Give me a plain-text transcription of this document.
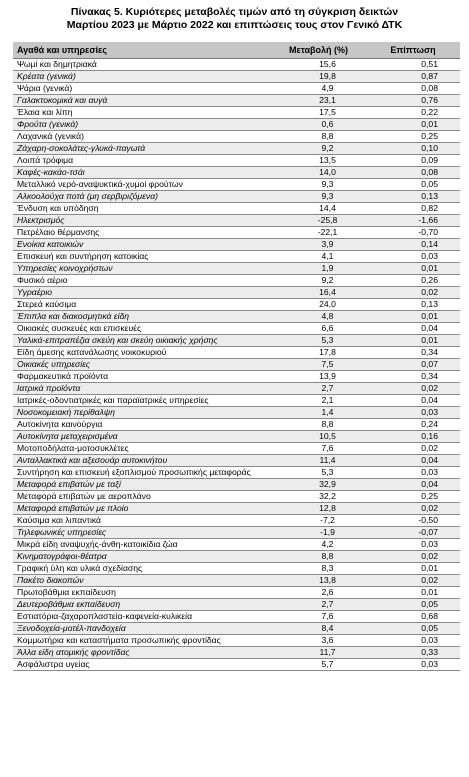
Πίνακας 5. Κυριότερες μεταβολές τιμών από τη σύγκριση δεικτών
Μαρτίου 2023 με Μάρτιο 2022 και επιπτώσεις τους στον Γενικό ΔΤΚ
Αγαθά και υπηρεσίες	Μεταβολή (%)	Επίπτωση
Ψωμί και δημητριακά	15,6	0,51
Κρέατα (γενικά)	19,8	0,87
Ψάρια (γενικά)	4,9	0,08
Γαλακτοκομικά και αυγά	23,1	0,76
Έλαια και λίπη	17,5	0,22
Φρούτα (γενικά)	0,6	0,01
Λαχανικά (γενικά)	8,8	0,25
Ζάχαρη-σοκολάτες-γλυκά-παγωτά	9,2	0,10
Λοιπά τρόφιμα	13,5	0,09
Καφές-κακάο-τσάι	14,0	0,08
Μεταλλικό νερό-αναψυκτικά-χυμοί φρούτων	9,3	0,05
Αλκοολούχα ποτά (μη σερβιριζόμενα)	9,3	0,13
Ένδυση και υπόδηση	14,4	0,82
Ηλεκτρισμός	-25,8	-1,66
Πετρέλαιο θέρμανσης	-22,1	-0,70
Ενοίκια κατοικιών	3,9	0,14
Επισκευή και συντήρηση κατοικίας	4,1	0,03
Υπηρεσίες κοινοχρήστων	1,9	0,01
Φυσικό αέριο	9,2	0,26
Υγραέριο	16,4	0,02
Στερεά καύσιμα	24,0	0,13
Έπιπλα και διακοσμητικά είδη	4,8	0,01
Οικιακές συσκευές και επισκευές	6,6	0,04
Υαλικά-επιτραπέζια σκεύη και σκεύη οικιακής χρήσης	5,3	0,01
Είδη άμεσης κατανάλωσης νοικοκυριού	17,8	0,34
Οικιακές υπηρεσίες	7,5	0,07
Φαρμακευτικά προϊόντα	13,9	0,34
Ιατρικά προϊόντα	2,7	0,02
Ιατρικές-οδοντιατρικές και παραϊατρικές υπηρεσίες	2,1	0,04
Νοσοκομειακή περίθαλψη	1,4	0,03
Αυτοκίνητα καινούργια	8,8	0,24
Αυτοκίνητα μεταχειρισμένα	10,5	0,16
Μοτοποδήλατα-μοτοσυκλέτες	7,6	0,02
Ανταλλακτικά και αξεσουάρ αυτοκινήτου	11,4	0,04
Συντήρηση και επισκευή εξοπλισμού προσωπικής μεταφοράς	5,3	0,03
Μεταφορά επιβατών με ταξί	32,9	0,04
Μεταφορά επιβατών με αεροπλάνο	32,2	0,25
Μεταφορά επιβατών με πλοίο	12,8	0,02
Καύσιμα και λιπαντικά	-7,2	-0,50
Τηλεφωνικές υπηρεσίες	-1,9	-0,07
Μικρά είδη αναψυχής-άνθη-κατοικίδια ζώα	4,2	0,03
Κινηματογράφοι-θέατρα	8,8	0,02
Γραφική ύλη και υλικά σχεδίασης	8,3	0,01
Πακέτο διακοπών	13,8	0,02
Πρωτοβάθμια εκπαίδευση	2,6	0,01
Δευτεροβάθμια εκπαίδευση	2,7	0,05
Εστιατόρια-ζαχαροπλαστεία-καφενεία-κυλικεία	7,6	0,68
Ξενοδοχεία-μοτέλ-πανδοχεία	8,4	0,05
Κομμωτήρια και καταστήματα προσωπικής φροντίδας	3,6	0,03
Άλλα είδη ατομικής φροντίδας	11,7	0,33
Ασφάλιστρα υγείας	5,7	0,03
